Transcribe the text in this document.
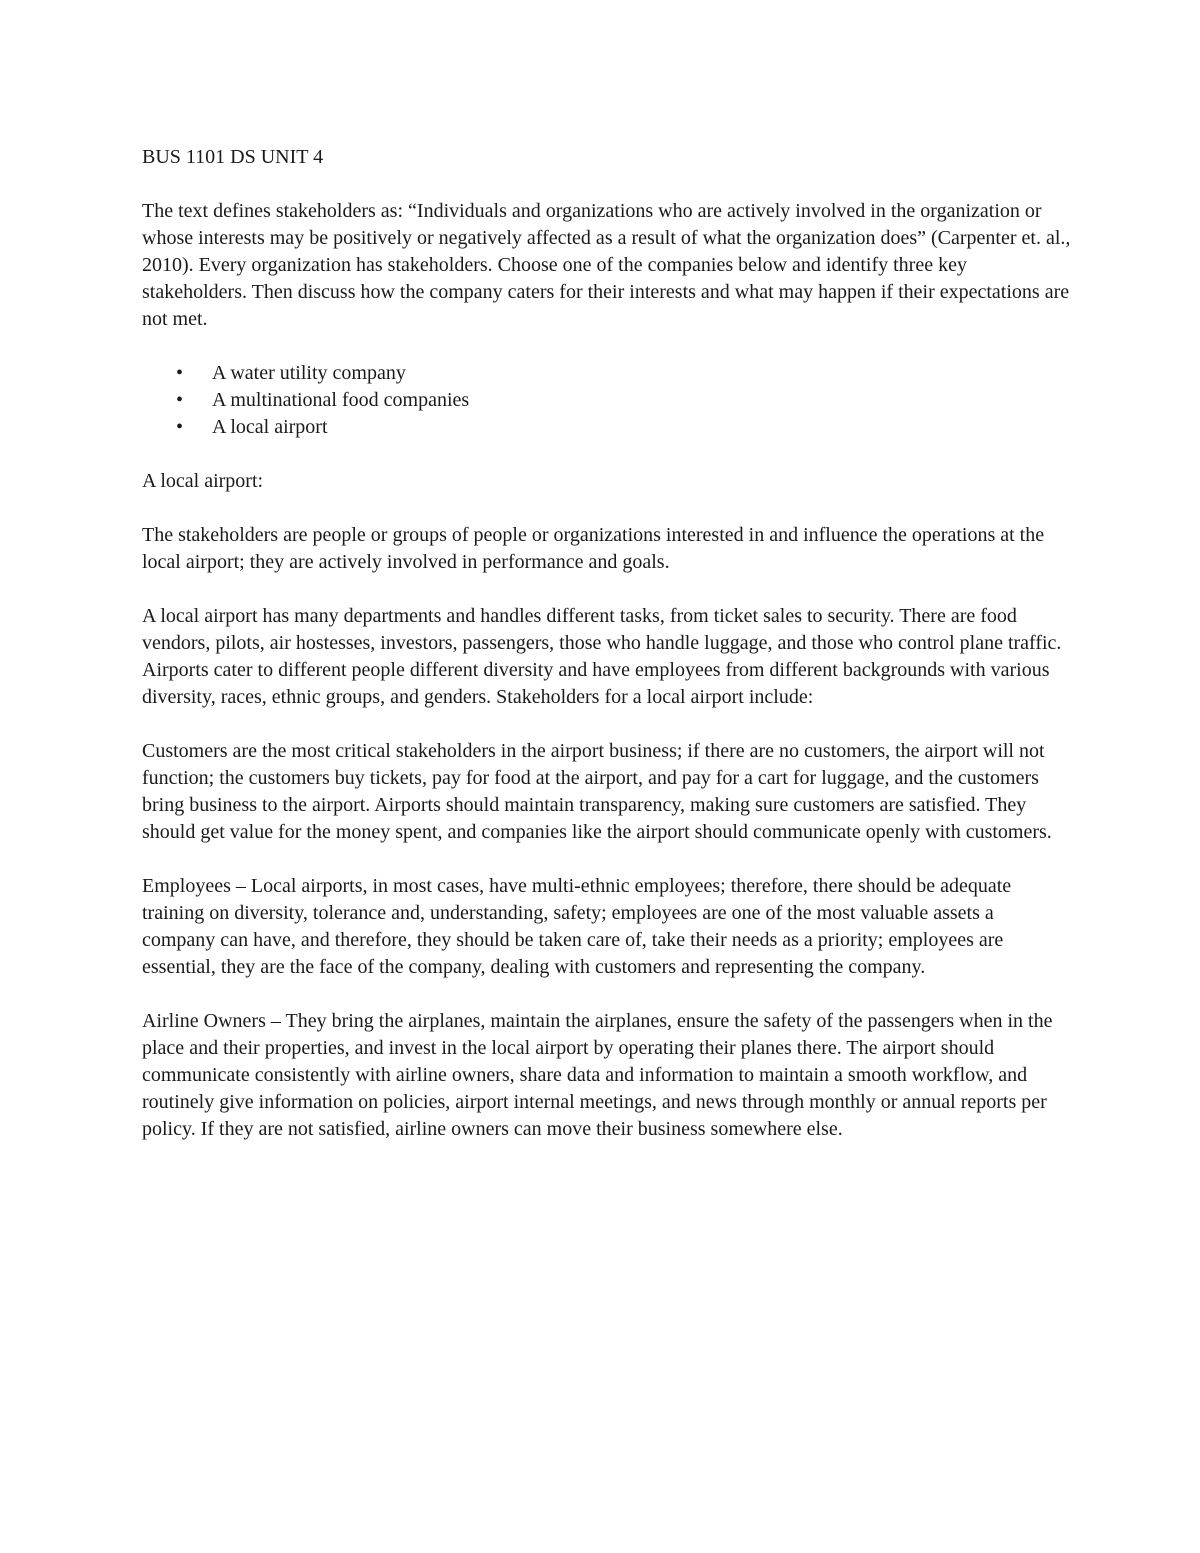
BUS 1101 DS UNIT 4

The text defines stakeholders as: “Individuals and organizations who are actively involved in the organization or whose interests may be positively or negatively affected as a result of what the organization does” (Carpenter et. al., 2010). Every organization has stakeholders. Choose one of the companies below and identify three key stakeholders. Then discuss how the company caters for their interests and what may happen if their expectations are not met.

• A water utility company
• A multinational food companies
• A local airport

A local airport:

The stakeholders are people or groups of people or organizations interested in and influence the operations at the local airport; they are actively involved in performance and goals.

A local airport has many departments and handles different tasks, from ticket sales to security. There are food vendors, pilots, air hostesses, investors, passengers, those who handle luggage, and those who control plane traffic. Airports cater to different people different diversity and have employees from different backgrounds with various diversity, races, ethnic groups, and genders. Stakeholders for a local airport include:

Customers are the most critical stakeholders in the airport business; if there are no customers, the airport will not function; the customers buy tickets, pay for food at the airport, and pay for a cart for luggage, and the customers bring business to the airport. Airports should maintain transparency, making sure customers are satisfied. They should get value for the money spent, and companies like the airport should communicate openly with customers.

Employees – Local airports, in most cases, have multi-ethnic employees; therefore, there should be adequate training on diversity, tolerance and, understanding, safety; employees are one of the most valuable assets a company can have, and therefore, they should be taken care of, take their needs as a priority; employees are essential, they are the face of the company, dealing with customers and representing the company.

Airline Owners – They bring the airplanes, maintain the airplanes, ensure the safety of the passengers when in the place and their properties, and invest in the local airport by operating their planes there. The airport should communicate consistently with airline owners, share data and information to maintain a smooth workflow, and routinely give information on policies, airport internal meetings, and news through monthly or annual reports per policy. If they are not satisfied, airline owners can move their business somewhere else.
